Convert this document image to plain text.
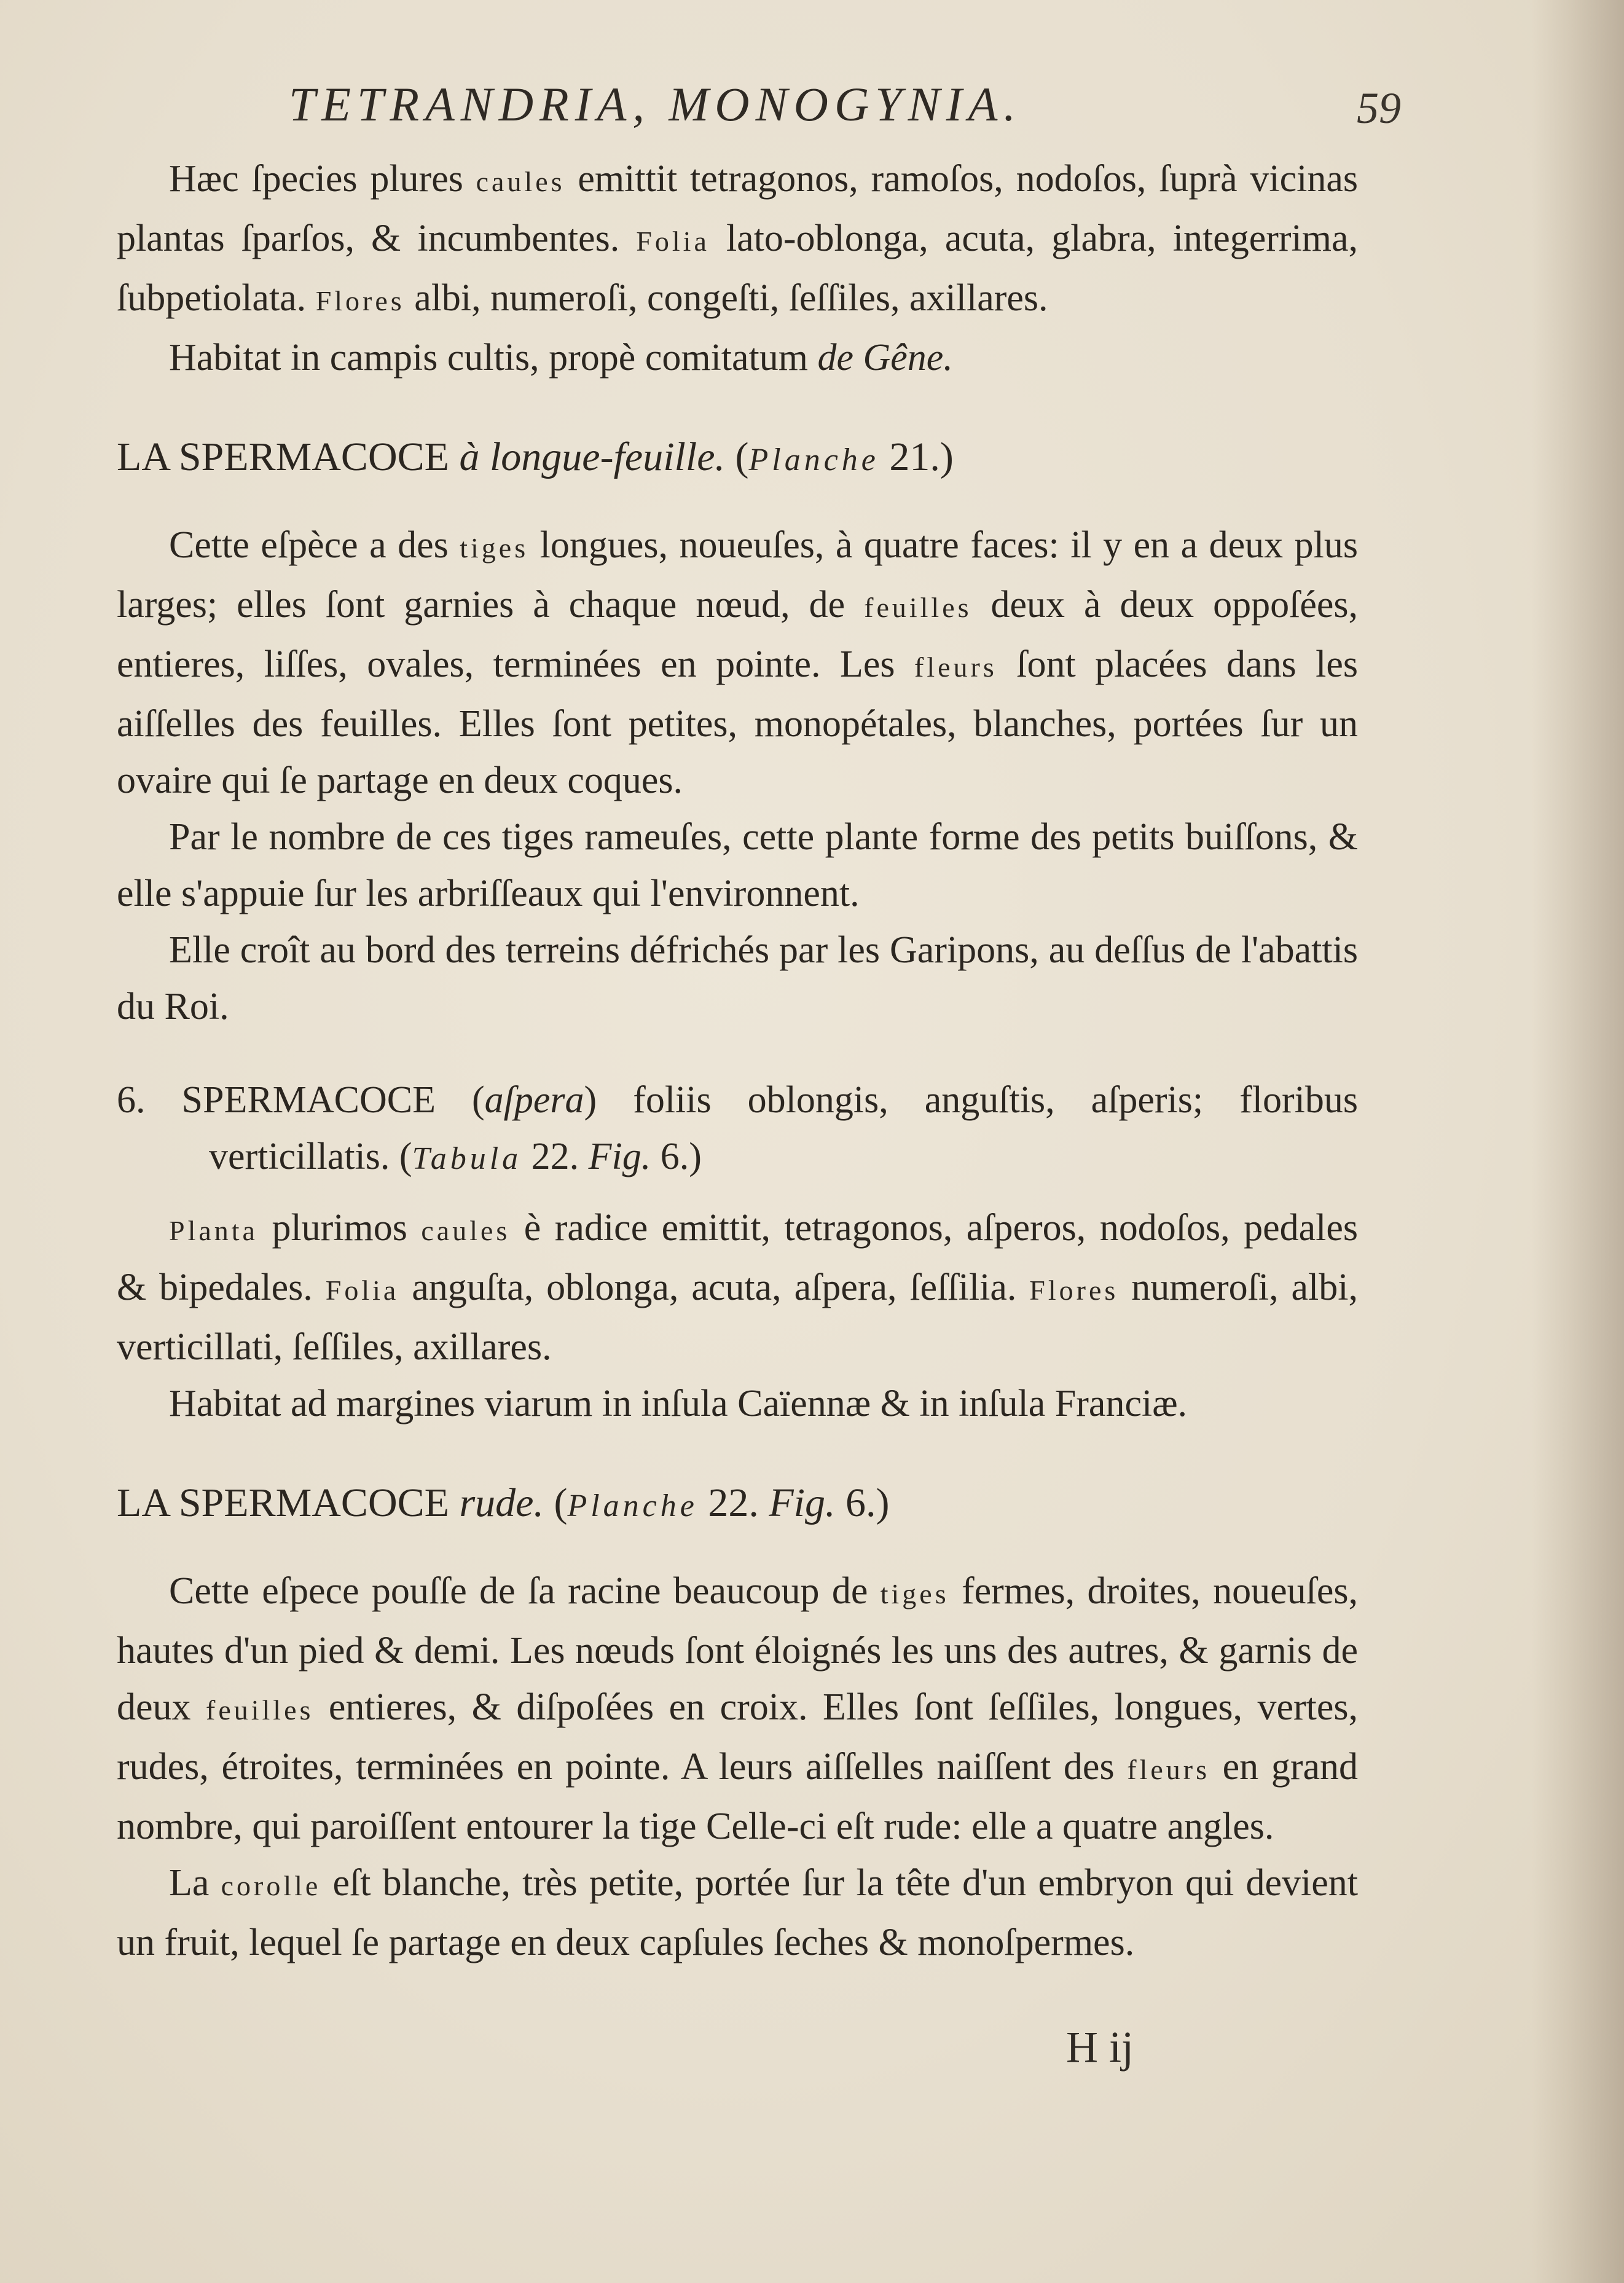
TETRANDRIA, MONOGYNIA.	59

Hæc ſpecies plures caules emittit tetragonos, ramoſos, nodoſos, ſuprà vicinas plantas ſparſos, & incumbentes. Folia lato-oblonga, acuta, glabra, integerrima, ſubpetiolata. Flores albi, numeroſi, congeſti, ſeſſiles, axillares.

Habitat in campis cultis, propè comitatum de Gêne.

LA SPERMACOCE à longue-feuille. (Planche 21.)

Cette eſpèce a des tiges longues, noueuſes, à quatre faces: il y en a deux plus larges; elles ſont garnies à chaque nœud, de feuilles deux à deux oppoſées, entieres, liſſes, ovales, terminées en pointe. Les fleurs ſont placées dans les aiſſelles des feuilles. Elles ſont petites, monopétales, blanches, portées ſur un ovaire qui ſe partage en deux coques.

Par le nombre de ces tiges rameuſes, cette plante forme des petits buiſſons, & elle s'appuie ſur les arbriſſeaux qui l'environnent.

Elle croît au bord des terreins défrichés par les Garipons, au deſſus de l'abattis du Roi.

6. SPERMACOCE (aſpera) foliis oblongis, anguſtis, aſperis; floribus verticillatis. (Tabula 22. Fig. 6.)

Planta plurimos caules è radice emittit, tetragonos, aſperos, nodoſos, pedales & bipedales. Folia anguſta, oblonga, acuta, aſpera, ſeſſilia. Flores numeroſi, albi, verticillati, ſeſſiles, axillares.

Habitat ad margines viarum in inſula Caïennæ & in inſula Franciæ.

LA SPERMACOCE rude. (Planche 22. Fig. 6.)

Cette eſpece pouſſe de ſa racine beaucoup de tiges fermes, droites, noueuſes, hautes d'un pied & demi. Les nœuds ſont éloignés les uns des autres, & garnis de deux feuilles entieres, & diſpoſées en croix. Elles ſont ſeſſiles, longues, vertes, rudes, étroites, terminées en pointe. A leurs aiſſelles naiſſent des fleurs en grand nombre, qui paroiſſent entourer la tige Celle-ci eſt rude: elle a quatre angles.

La corolle eſt blanche, très petite, portée ſur la tête d'un embryon qui devient un fruit, lequel ſe partage en deux capſules ſeches & monoſpermes.

H ij
